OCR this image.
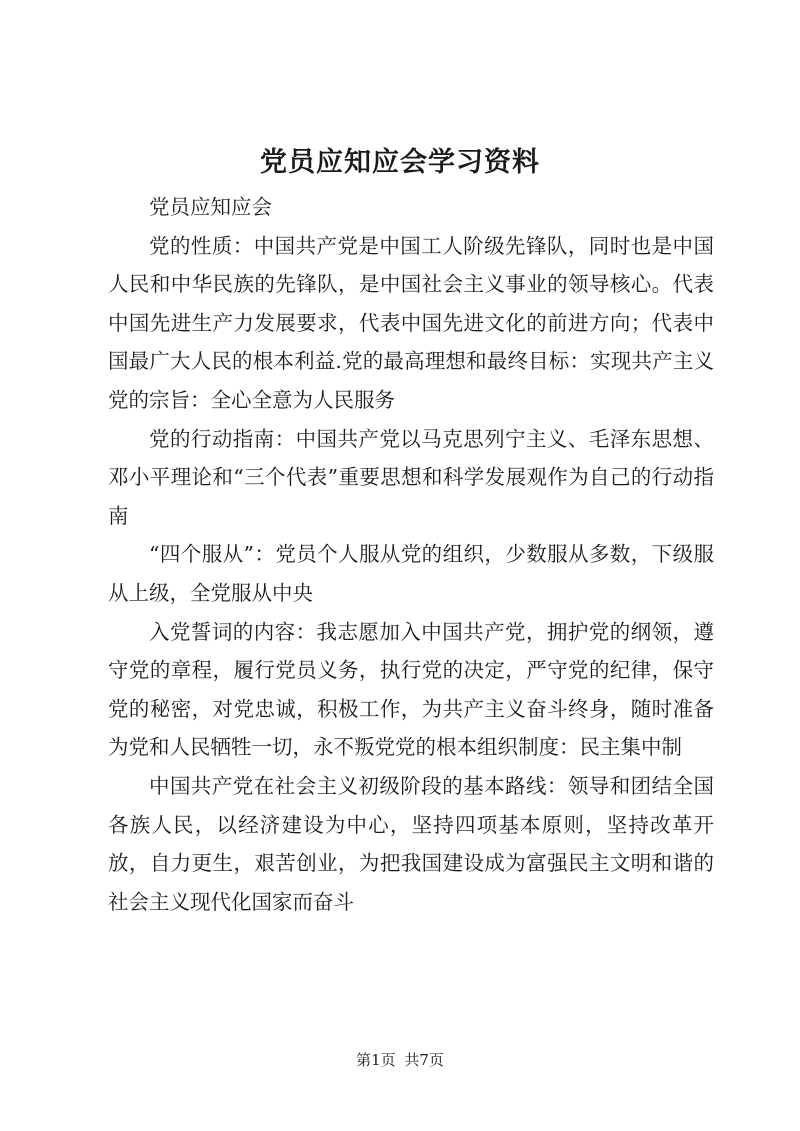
党员应知应会学习资料

党员应知应会

党的性质：中国共产党是中国工人阶级先锋队，同时也是中国人民和中华民族的先锋队，是中国社会主义事业的领导核心。代表中国先进生产力发展要求，代表中国先进文化的前进方向；代表中国最广大人民的根本利益.党的最高理想和最终目标：实现共产主义党的宗旨：全心全意为人民服务

党的行动指南：中国共产党以马克思列宁主义、毛泽东思想、邓小平理论和“三个代表”重要思想和科学发展观作为自己的行动指南

“四个服从”：党员个人服从党的组织，少数服从多数，下级服从上级，全党服从中央

入党誓词的内容：我志愿加入中国共产党，拥护党的纲领，遵守党的章程，履行党员义务，执行党的决定，严守党的纪律，保守党的秘密，对党忠诚，积极工作，为共产主义奋斗终身，随时准备为党和人民牺牲一切，永不叛党党的根本组织制度：民主集中制

中国共产党在社会主义初级阶段的基本路线：领导和团结全国各族人民，以经济建设为中心，坚持四项基本原则，坚持改革开放，自力更生，艰苦创业，为把我国建设成为富强民主文明和谐的社会主义现代化国家而奋斗

第1页 共7页
